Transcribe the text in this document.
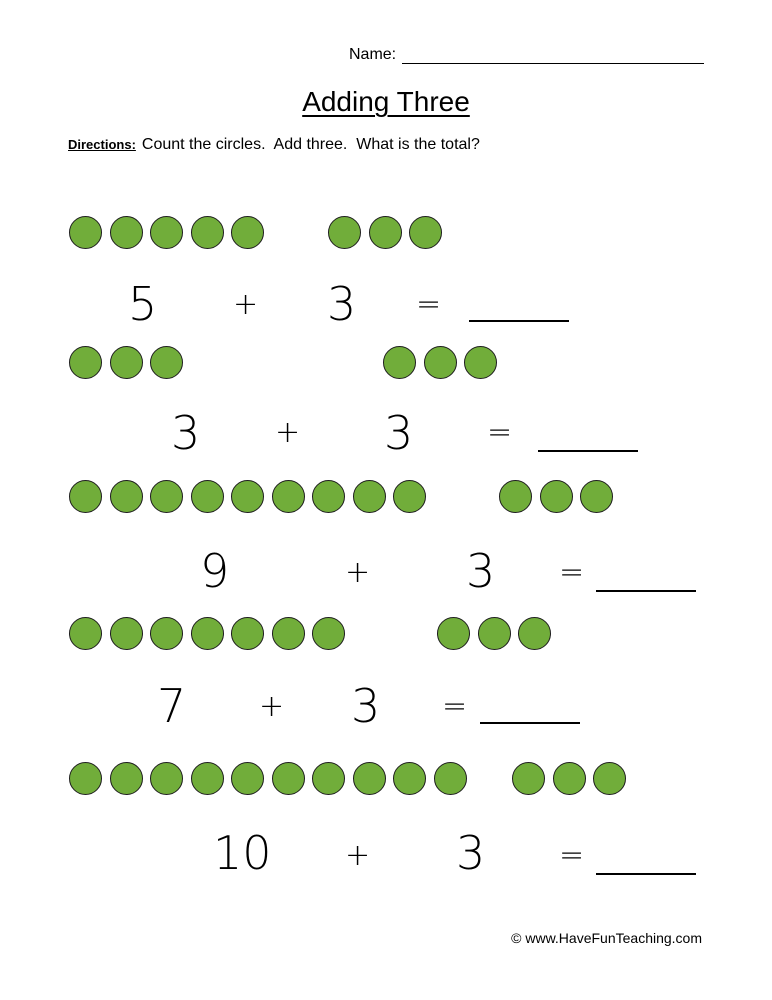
Name:
Adding Three
Directions: Count the circles.  Add three.  What is the total?
5	+ 3 =
3 + 3 =
9	+ 3 =
7 + 3 =
10 + 3 =
© www.HaveFunTeaching.com
